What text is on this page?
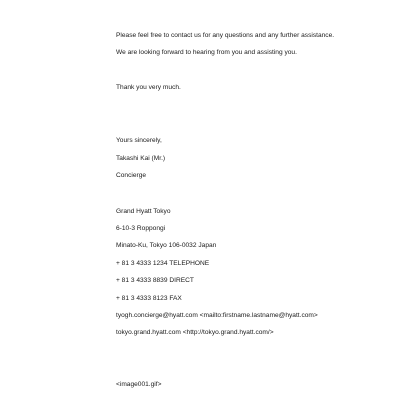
Please feel free to contact us for any questions and any further assistance.
We are looking forward to hearing from you and assisting you.
Thank you very much.
Yours sincerely,
Takashi Kai (Mr.)
Concierge
Grand Hyatt Tokyo
6-10-3 Roppongi
Minato-Ku, Tokyo 106-0032 Japan
+ 81 3 4333 1234 TELEPHONE
+ 81 3 4333 8839 DIRECT
+ 81 3 4333 8123 FAX
tyogh.concierge@hyatt.com <mailto:firstname.lastname@hyatt.com>
tokyo.grand.hyatt.com <http://tokyo.grand.hyatt.com/>
<image001.gif>
